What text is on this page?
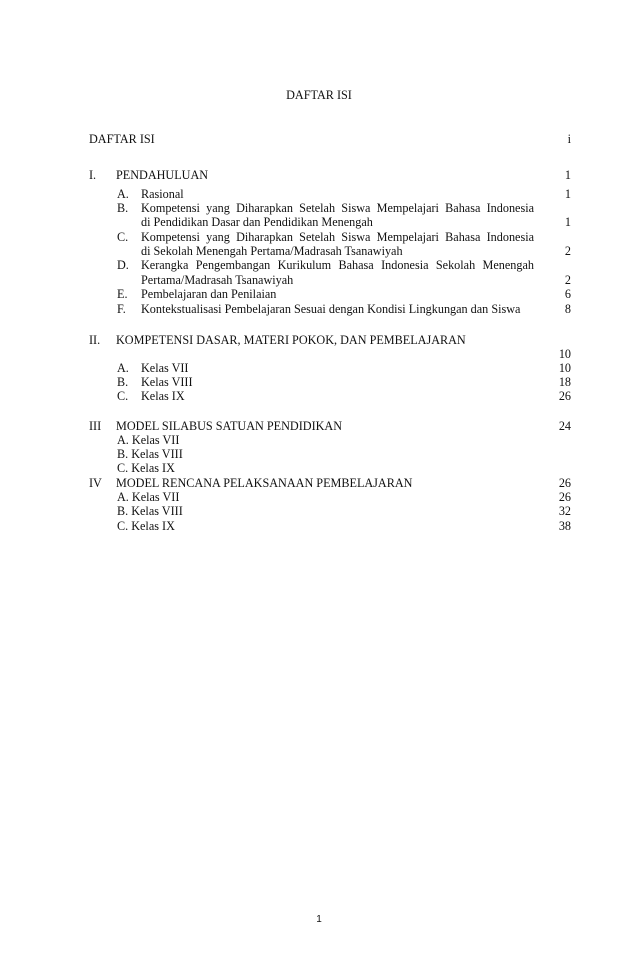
DAFTAR ISI
DAFTAR ISI	i
I. PENDAHULUAN	1
A. Rasional	1
B. Kompetensi yang Diharapkan Setelah Siswa Mempelajari Bahasa Indonesia
di Pendidikan Dasar dan Pendidikan Menengah	1
C. Kompetensi yang Diharapkan Setelah Siswa Mempelajari Bahasa Indonesia
di Sekolah Menengah Pertama/Madrasah Tsanawiyah	2
D. Kerangka Pengembangan Kurikulum Bahasa Indonesia Sekolah Menengah
Pertama/Madrasah Tsanawiyah	2
E. Pembelajaran dan Penilaian	6
F. Kontekstualisasi Pembelajaran Sesuai dengan Kondisi Lingkungan dan Siswa	8
II. KOMPETENSI DASAR, MATERI POKOK, DAN PEMBELAJARAN
10
A. Kelas VII	10
B. Kelas VIII	18
C. Kelas IX	26
III MODEL SILABUS SATUAN PENDIDIKAN	24
A. Kelas VII
B. Kelas VIII
C. Kelas IX
IV MODEL RENCANA PELAKSANAAN PEMBELAJARAN	26
A. Kelas VII	26
B. Kelas VIII	32
C. Kelas IX	38
1
